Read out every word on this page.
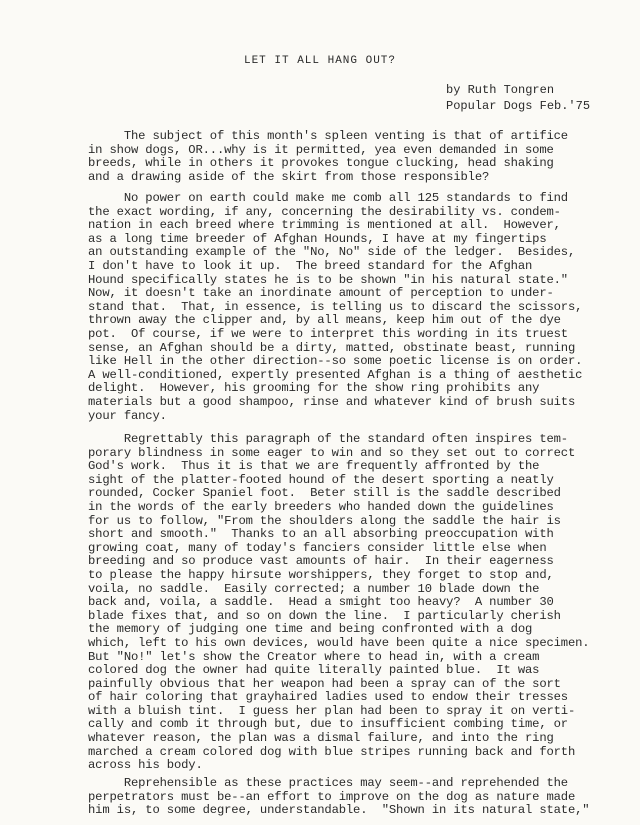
LET IT ALL HANG OUT?
by Ruth Tongren
Popular Dogs Feb.'75
The subject of this month's spleen venting is that of artifice
in show dogs, OR...why is it permitted, yea even demanded in some
breeds, while in others it provokes tongue clucking, head shaking
and a drawing aside of the skirt from those responsible?
No power on earth could make me comb all 125 standards to find
the exact wording, if any, concerning the desirability vs. condem-
nation in each breed where trimming is mentioned at all.  However,
as a long time breeder of Afghan Hounds, I have at my fingertips
an outstanding example of the "No, No" side of the ledger.  Besides,
I don't have to look it up.  The breed standard for the Afghan
Hound specifically states he is to be shown "in his natural state."
Now, it doesn't take an inordinate amount of perception to under-
stand that.  That, in essence, is telling us to discard the scissors,
thrown away the clipper and, by all means, keep him out of the dye
pot.  Of course, if we were to interpret this wording in its truest
sense, an Afghan should be a dirty, matted, obstinate beast, running
like Hell in the other direction--so some poetic license is on order.
A well-conditioned, expertly presented Afghan is a thing of aesthetic
delight.  However, his grooming for the show ring prohibits any
materials but a good shampoo, rinse and whatever kind of brush suits
your fancy.
Regrettably this paragraph of the standard often inspires tem-
porary blindness in some eager to win and so they set out to correct
God's work.  Thus it is that we are frequently affronted by the
sight of the platter-footed hound of the desert sporting a neatly
rounded, Cocker Spaniel foot.  Beter still is the saddle described
in the words of the early breeders who handed down the guidelines
for us to follow, "From the shoulders along the saddle the hair is
short and smooth."  Thanks to an all absorbing preoccupation with
growing coat, many of today's fanciers consider little else when
breeding and so produce vast amounts of hair.  In their eagerness
to please the happy hirsute worshippers, they forget to stop and,
voila, no saddle.  Easily corrected; a number 10 blade down the
back and, voila, a saddle.  Head a smight too heavy?  A number 30
blade fixes that, and so on down the line.  I particularly cherish
the memory of judging one time and being confronted with a dog
which, left to his own devices, would have been quite a nice specimen.
But "No!" let's show the Creator where to head in, with a cream
colored dog the owner had quite literally painted blue.  It was
painfully obvious that her weapon had been a spray can of the sort
of hair coloring that grayhaired ladies used to endow their tresses
with a bluish tint.  I guess her plan had been to spray it on verti-
cally and comb it through but, due to insufficient combing time, or
whatever reason, the plan was a dismal failure, and into the ring
marched a cream colored dog with blue stripes running back and forth
across his body.
Reprehensible as these practices may seem--and reprehended the
perpetrators must be--an effort to improve on the dog as nature made
him is, to some degree, understandable.  "Shown in its natural state,"
